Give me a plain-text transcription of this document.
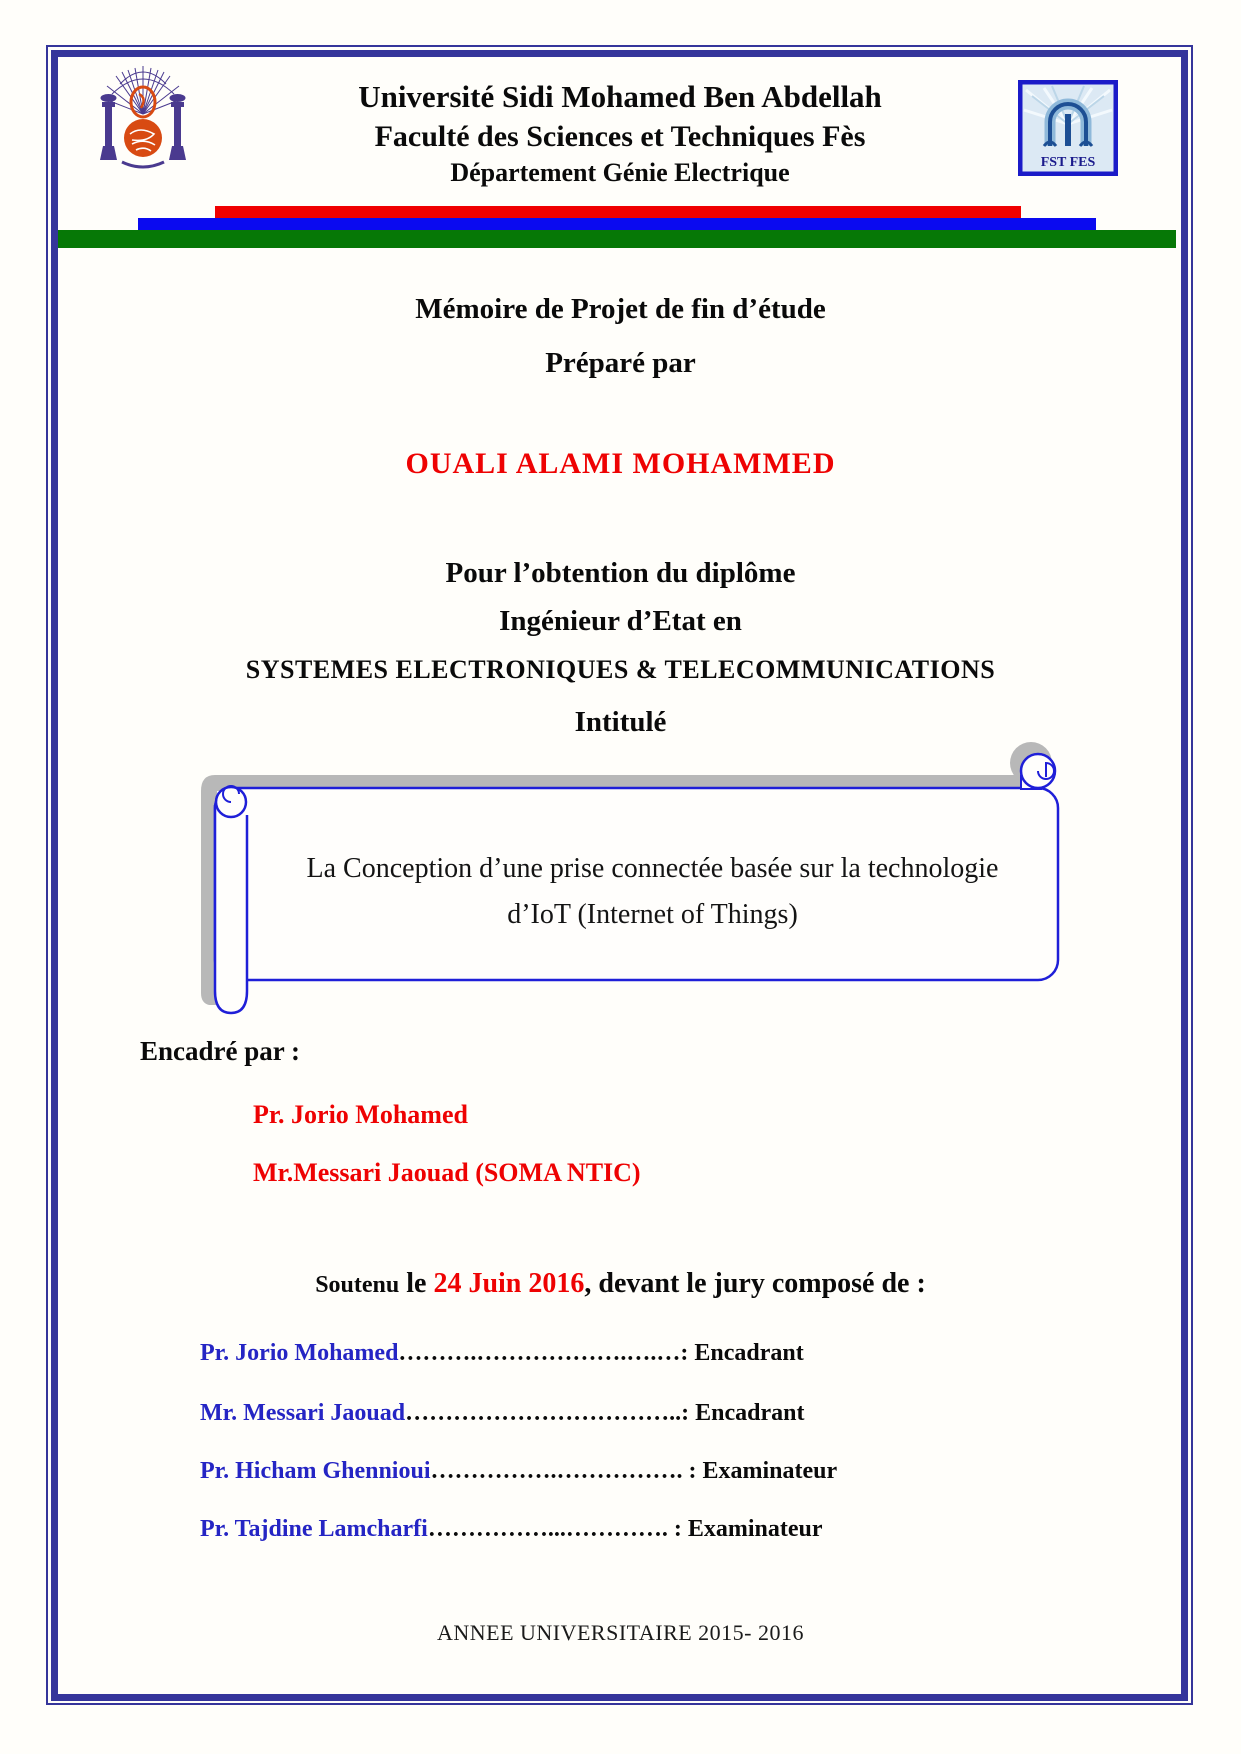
Université Sidi Mohamed Ben Abdellah
Faculté des Sciences et Techniques Fès
Département Génie Electrique	FST FES
Mémoire de Projet de fin d’étude
Préparé par
OUALI ALAMI MOHAMMED
Pour l’obtention du diplôme
Ingénieur d’Etat en
SYSTEMES ELECTRONIQUES & TELECOMMUNICATIONS
Intitulé
La Conception d’une prise connectée basée sur la technologie
d’IoT (Internet of Things)
Encadré par :
Pr. Jorio Mohamed
Mr.Messari Jaouad (SOMA NTIC)
Soutenu le 24 Juin 2016, devant le jury composé de :
Pr. Jorio Mohamed……….……………….….…: Encadrant
Mr. Messari Jaouad……………………………..: Encadrant
Pr. Hicham Ghennioui…………….……………. : Examinateur
Pr. Tajdine Lamcharfi……………...…………. : Examinateur
ANNEE UNIVERSITAIRE 2015- 2016
